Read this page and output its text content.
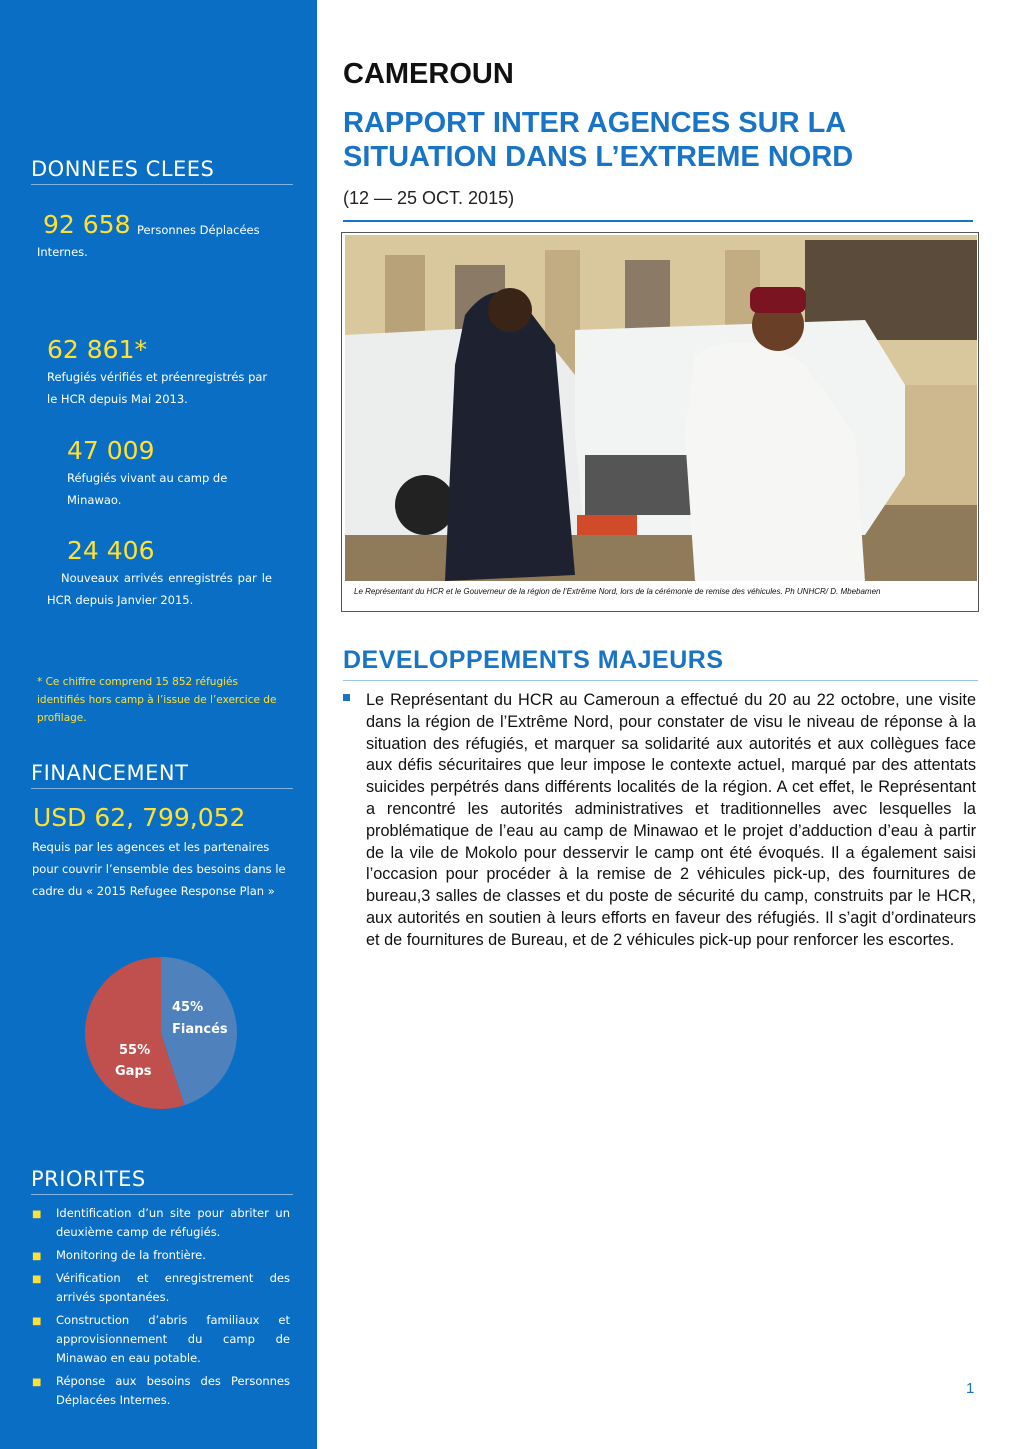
DONNEES CLEES
92 658 Personnes Déplacées Internes.
62 861*
Refugiés vérifiés et préenregistrés par le HCR depuis Mai 2013.
47 009
Réfugiés vivant au camp de Minawao.
24 406
Nouveaux arrivés enregistrés par le HCR depuis Janvier 2015.
* Ce chiffre comprend 15 852 réfugiés identifiés hors camp à l’issue de l’exercice de profilage.
FINANCEMENT
USD 62, 799,052
Requis par les agences et les partenaires pour couvrir l’ensemble des besoins dans le cadre du « 2015 Refugee Response Plan »
45%
Fiancés
55%
Gaps
PRIORITES
■ Identification d’un site pour abriter un deuxième camp de réfugiés.
■ Monitoring de la frontière.
■ Vérification et enregistrement des arrivés spontanées.
■ Construction d’abris familiaux et approvisionnement du camp de Minawao en eau potable.
■ Réponse aux besoins des Personnes Déplacées Internes.
CAMEROUN
RAPPORT INTER AGENCES SUR LA SITUATION DANS L’EXTREME NORD
(12 — 25 OCT. 2015)
Le Représentant du HCR et le Gouverneur de la région de l’Extrême Nord, lors de la cérémonie de remise des véhicules. Ph UNHCR/ D. Mbebamen
DEVELOPPEMENTS MAJEURS
Le Représentant du HCR au Cameroun a effectué du 20 au 22 octobre, une visite dans la région de l’Extrême Nord, pour constater de visu le niveau de réponse à la situation des réfugiés, et marquer sa solidarité aux autorités et aux collègues face aux défis sécuritaires que leur impose le contexte actuel, marqué par des attentats suicides perpétrés dans différents localités de la région. A cet effet, le Représentant a rencontré les autorités administratives et traditionnelles avec lesquelles la problématique de l’eau au camp de Minawao et le projet d’adduction d’eau à partir de la vile de Mokolo pour desservir le camp ont été évoqués. Il a également saisi l’occasion pour procéder à la remise de 2 véhicules pick-up, des fournitures de bureau,3 salles de classes et du poste de sécurité du camp, construits par le HCR, aux autorités en soutien à leurs efforts en faveur des réfugiés. Il s’agit d’ordinateurs et de fournitures de Bureau, et de 2 véhicules pick-up pour renforcer les escortes.
1
